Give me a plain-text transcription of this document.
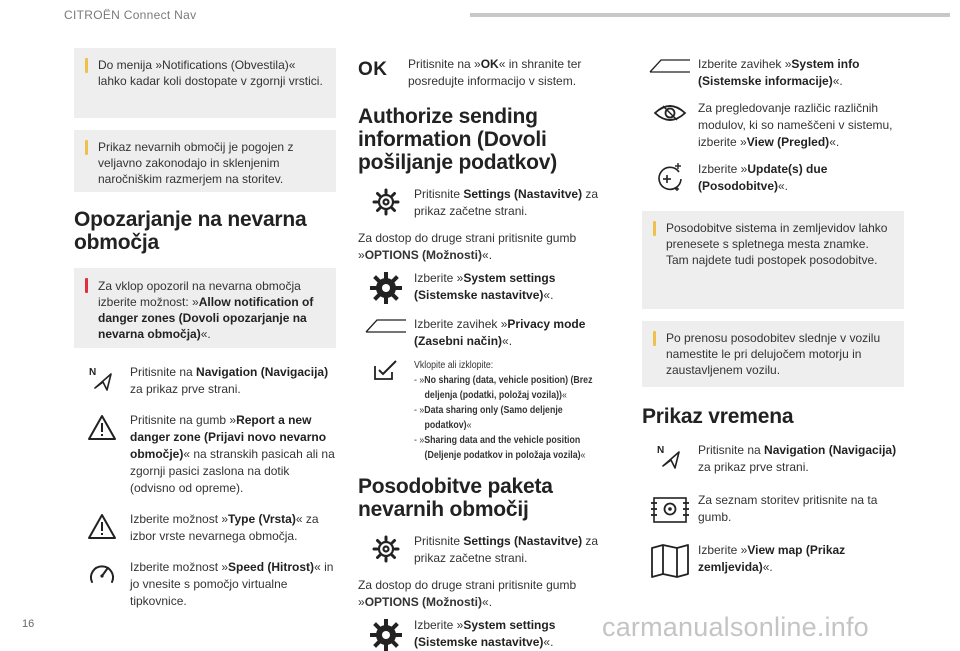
CITROËN Connect Nav
Do menija »Notifications (Obvestila)« lahko kadar koli dostopate v zgornji vrstici.
Prikaz nevarnih območij je pogojen z veljavno zakonodajo in sklenjenim naročniškim razmerjem na storitev.
Opozarjanje na nevarna območja
Za vklop opozoril na nevarna območja izberite možnost: »Allow notification of danger zones (Dovoli opozarjanje na nevarna območja)«.
N	Pritisnite na Navigation (Navigacija) za prikaz prve strani.
Pritisnite na gumb »Report a new danger zone (Prijavi novo nevarno območje)« na stranskih pasicah ali na zgornji pasici zaslona na dotik (odvisno od opreme).
Izberite možnost »Type (Vrsta)« za izbor vrste nevarnega območja.
Izberite možnost »Speed (Hitrost)« in jo vnesite s pomočjo virtualne tipkovnice.
OK Pritisnite na »OK« in shranite ter posredujte informacijo v sistem.
Authorize sending information (Dovoli pošiljanje podatkov)
Pritisnite Settings (Nastavitve) za prikaz začetne strani.
Za dostop do druge strani pritisnite gumb »OPTIONS (Možnosti)«.
Izberite »System settings (Sistemske nastavitve)«.
Izberite zavihek »Privacy mode (Zasebni način)«.
Vklopite ali izklopite:
- »No sharing (data, vehicle position) (Brez deljenja (podatki, položaj vozila))«
- »Data sharing only (Samo deljenje podatkov)«
- »Sharing data and the vehicle position (Deljenje podatkov in položaja vozila)«
Posodobitve paketa nevarnih območij
Pritisnite Settings (Nastavitve) za prikaz začetne strani.
Za dostop do druge strani pritisnite gumb »OPTIONS (Možnosti)«.
Izberite »System settings (Sistemske nastavitve)«.
Izberite zavihek »System info (Sistemske informacije)«.
Za pregledovanje različic različnih modulov, ki so nameščeni v sistemu, izberite »View (Pregled)«.
Izberite »Update(s) due (Posodobitve)«.
Posodobitve sistema in zemljevidov lahko prenesete s spletnega mesta znamke. Tam najdete tudi postopek posodobitve.
Po prenosu posodobitev slednje v vozilu namestite le pri delujočem motorju in zaustavljenem vozilu.
Prikaz vremena
N	Pritisnite na Navigation (Navigacija) za prikaz prve strani.
Za seznam storitev pritisnite na ta gumb.
Izberite »View map (Prikaz zemljevida)«.
16	carmanualsonline.info
